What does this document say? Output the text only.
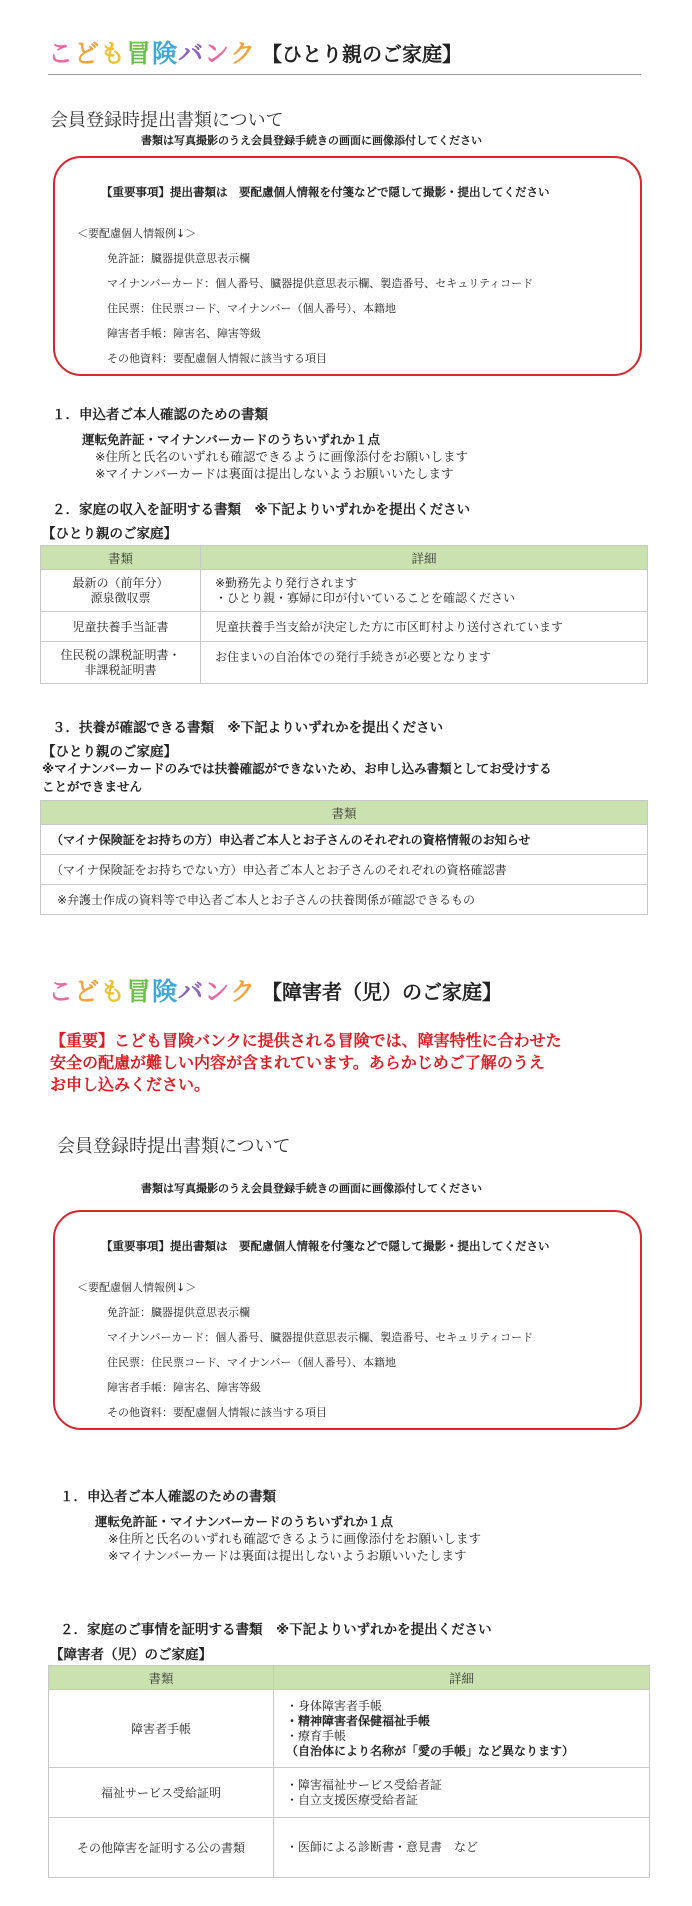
こども冒険バンク 【ひとり親のご家庭】
会員登録時提出書類について
書類は写真撮影のうえ会員登録手続きの画面に画像添付してください
【重要事項】提出書類は　要配慮個人情報を付箋などで隠して撮影・提出してください
＜要配慮個人情報例↓＞
免許証：臓器提供意思表示欄
マイナンバーカード：個人番号、臓器提供意思表示欄、製造番号、セキュリティコード
住民票：住民票コード、マイナンバー（個人番号）、本籍地
障害者手帳：障害名、障害等級
その他資料：要配慮個人情報に該当する項目
１．申込者ご本人確認のための書類
運転免許証・マイナンバーカードのうちいずれか１点
※住所と氏名のいずれも確認できるように画像添付をお願いします
※マイナンバーカードは裏面は提出しないようお願いいたします
２．家庭の収入を証明する書類　※下記よりいずれかを提出ください
【ひとり親のご家庭】
書類	詳細

最新の（前年分）
源泉徴収票	※勤務先より発行されます
・ひとり親・寡婦に印が付いていることを確認ください

児童扶養手当証書	児童扶養手当支給が決定した方に市区町村より送付されています

住民税の課税証明書・
非課税証明書	お住まいの自治体での発行手続きが必要となります
３．扶養が確認できる書類　※下記よりいずれかを提出ください
【ひとり親のご家庭】
※マイナンバーカードのみでは扶養確認ができないため、お申し込み書類としてお受けする
ことができません
書類
（マイナ保険証をお持ちの方）申込者ご本人とお子さんのそれぞれの資格情報のお知らせ
（マイナ保険証をお持ちでない方）申込者ご本人とお子さんのそれぞれの資格確認書
※弁護士作成の資料等で申込者ご本人とお子さんの扶養関係が確認できるもの
こども冒険バンク 【障害者（児）のご家庭】
【重要】こども冒険バンクに提供される冒険では、障害特性に合わせた
安全の配慮が難しい内容が含まれています。あらかじめご了解のうえ
お申し込みください。
会員登録時提出書類について
書類は写真撮影のうえ会員登録手続きの画面に画像添付してください
【重要事項】提出書類は　要配慮個人情報を付箋などで隠して撮影・提出してください
＜要配慮個人情報例↓＞
免許証：臓器提供意思表示欄
マイナンバーカード：個人番号、臓器提供意思表示欄、製造番号、セキュリティコード
住民票：住民票コード、マイナンバー（個人番号）、本籍地
障害者手帳：障害名、障害等級
その他資料：要配慮個人情報に該当する項目
１．申込者ご本人確認のための書類
運転免許証・マイナンバーカードのうちいずれか１点
※住所と氏名のいずれも確認できるように画像添付をお願いします
※マイナンバーカードは裏面は提出しないようお願いいたします
２．家庭のご事情を証明する書類　※下記よりいずれかを提出ください
【障害者（児）のご家庭】
書類	詳細
障害者手帳	・身体障害者手帳
・精神障害者保健福祉手帳
・療育手帳
（自治体により名称が「愛の手帳」など異なります）

福祉サービス受給証明	・障害福祉サービス受給者証
・自立支援医療受給者証

その他障害を証明する公の書類	・医師による診断書・意見書　など
